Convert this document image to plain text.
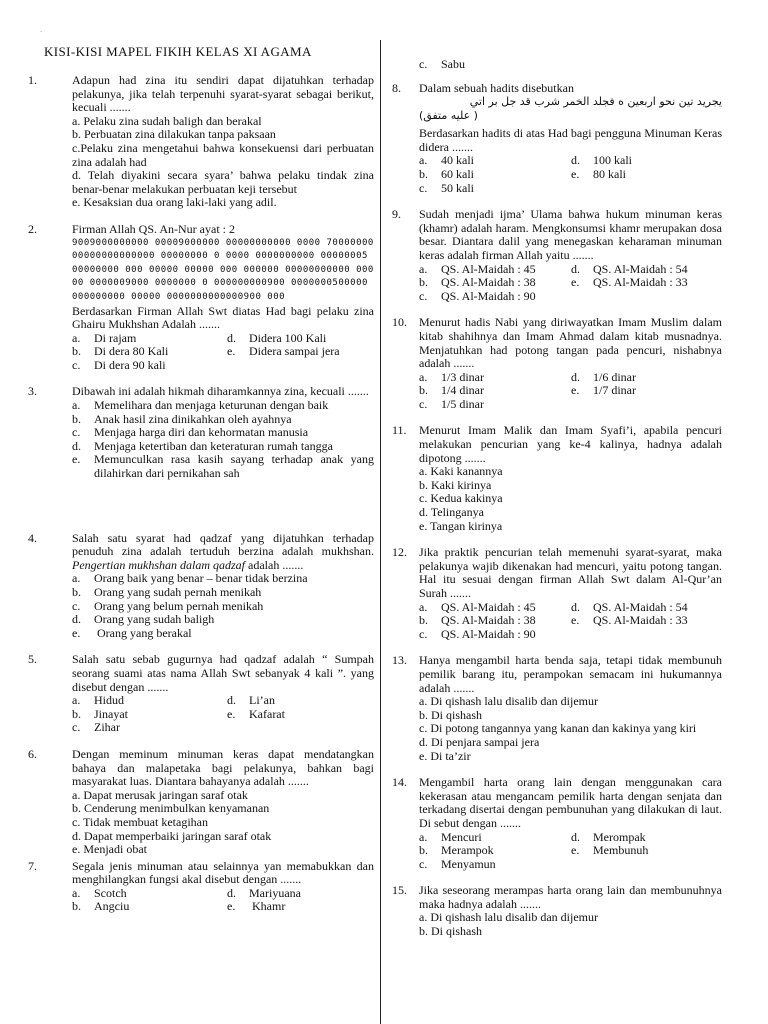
`
KISI-KISI MAPEL FIKIH KELAS XI AGAMA
1.	Adapun had zina itu sendiri dapat dijatuhkan terhadap pelakunya, jika telah terpenuhi syarat-syarat sebagai berikut, kecuali .......
a. Pelaku zina sudah baligh dan berakal
b. Perbuatan zina dilakukan tanpa paksaan
c.Pelaku zina mengetahui bahwa konsekuensi dari perbuatan zina adalah had
d. Telah diyakini secara syara’ bahwa pelaku tindak zina benar-benar melakukan perbuatan keji tersebut
e. Kesaksian dua orang laki-laki yang adil.
2.	Firman Allah QS. An-Nur ayat : 2
9009000000000 00009000000 00000000000 0000 7000000000000000000000 00000000 0 0000 0000000000 00000005 00000000 000 00000 00000 000 000000 00000000000 00000 0000009000 0000000 0 000000000900 0000000500000 000000000 00000 0000000000000900 000
Berdasarkan Firman Allah Swt diatas Had bagi pelaku zina Ghairu Mukhshan Adalah .......
a. Di rajam	d. Didera 100 Kali
b. Di dera 80 Kali	e. Didera sampai jera
c. Di dera 90 kali
3.	Dibawah ini adalah hikmah diharamkannya zina, kecuali .......
a. Memelihara dan menjaga keturunan dengan baik
b. Anak hasil zina dinikahkan oleh ayahnya
c. Menjaga harga diri dan kehormatan manusia
d. Menjaga ketertiban dan keteraturan rumah tangga
e.	Memunculkan rasa kasih sayang terhadap anak yang dilahirkan dari pernikahan sah
4.	Salah satu syarat had qadzaf yang dijatuhkan terhadap penuduh zina adalah tertuduh berzina adalah mukhshan. Pengertian mukhshan dalam qadzaf adalah .......
a. Orang baik yang benar – benar tidak berzina
b. Orang yang sudah pernah menikah
c. Orang yang belum pernah menikah
d. Orang yang sudah baligh
e. Orang yang berakal
5.	Salah satu sebab gugurnya had qadzaf adalah “ Sumpah seorang suami atas nama Allah Swt sebanyak 4 kali ”. yang disebut dengan .......
a. Hidud	d. Li’an
b. Jinayat	e. Kafarat
c. Zihar
6.	Dengan meminum minuman keras dapat mendatangkan bahaya dan malapetaka bagi pelakunya, bahkan bagi masyarakat luas. Diantara bahayanya adalah .......
a. Dapat merusak jaringan saraf otak
b. Cenderung menimbulkan kenyamanan
c. Tidak membuat ketagihan
d. Dapat memperbaiki jaringan saraf otak
e. Menjadi obat
7.	Segala jenis minuman atau selainnya yan memabukkan dan menghilangkan fungsi akal disebut dengan .......
a. Scotch	d. Mariyuana
b. Angciu	e. Khamr
c. Sabu
8. Dalam sebuah hadits disebutkan
يجريد تين نحو اربعين ه فجلد الخمر شرب قد جل بر اتي
(عليه متفق )
Berdasarkan hadits di atas Had bagi pengguna Minuman Keras didera .......
a. 40 kali	d. 100 kali
b. 60 kali	e. 80 kali
c. 50 kali
9. Sudah menjadi ijma’ Ulama bahwa hukum minuman keras (khamr) adalah haram. Mengkonsumsi khamr merupakan dosa besar. Diantara dalil yang menegaskan keharaman minuman keras adalah firman Allah yaitu .......
a. QS. Al-Maidah : 45	d. QS. Al-Maidah : 54
b. QS. Al-Maidah : 38	e. QS. Al-Maidah : 33
c. QS. Al-Maidah : 90
10. Menurut hadis Nabi yang diriwayatkan Imam Muslim dalam kitab shahihnya dan Imam Ahmad dalam kitab musnadnya. Menjatuhkan had potong tangan pada pencuri, nishabnya adalah .......
a. 1/3 dinar	d. 1/6 dinar
b. 1/4 dinar	e. 1/7 dinar
c. 1/5 dinar
11. Menurut Imam Malik dan Imam Syafi’i, apabila pencuri melakukan pencurian yang ke-4 kalinya, hadnya adalah dipotong .......
a. Kaki kanannya
b. Kaki kirinya
c. Kedua kakinya
d. Telinganya
e. Tangan kirinya
12. Jika praktik pencurian telah memenuhi syarat-syarat, maka pelakunya wajib dikenakan had mencuri, yaitu potong tangan. Hal itu sesuai dengan firman Allah Swt dalam Al-Qur’an Surah .......
a. QS. Al-Maidah : 45	d. QS. Al-Maidah : 54
b. QS. Al-Maidah : 38	e. QS. Al-Maidah : 33
c. QS. Al-Maidah : 90
13. Hanya mengambil harta benda saja, tetapi tidak membunuh pemilik barang itu, perampokan semacam ini hukumannya adalah .......
a. Di qishash lalu disalib dan dijemur
b. Di qishash
c. Di potong tangannya yang kanan dan kakinya yang kiri
d. Di penjara sampai jera
e. Di ta’zir
14. Mengambil harta orang lain dengan menggunakan cara kekerasan atau mengancam pemilik harta dengan senjata dan terkadang disertai dengan pembunuhan yang dilakukan di laut. Di sebut dengan .......
a. Mencuri	d. Merompak
b. Merampok	e. Membunuh
c. Menyamun
15. Jika seseorang merampas harta orang lain dan membunuhnya maka hadnya adalah .......
a. Di qishash lalu disalib dan dijemur
b. Di qishash
